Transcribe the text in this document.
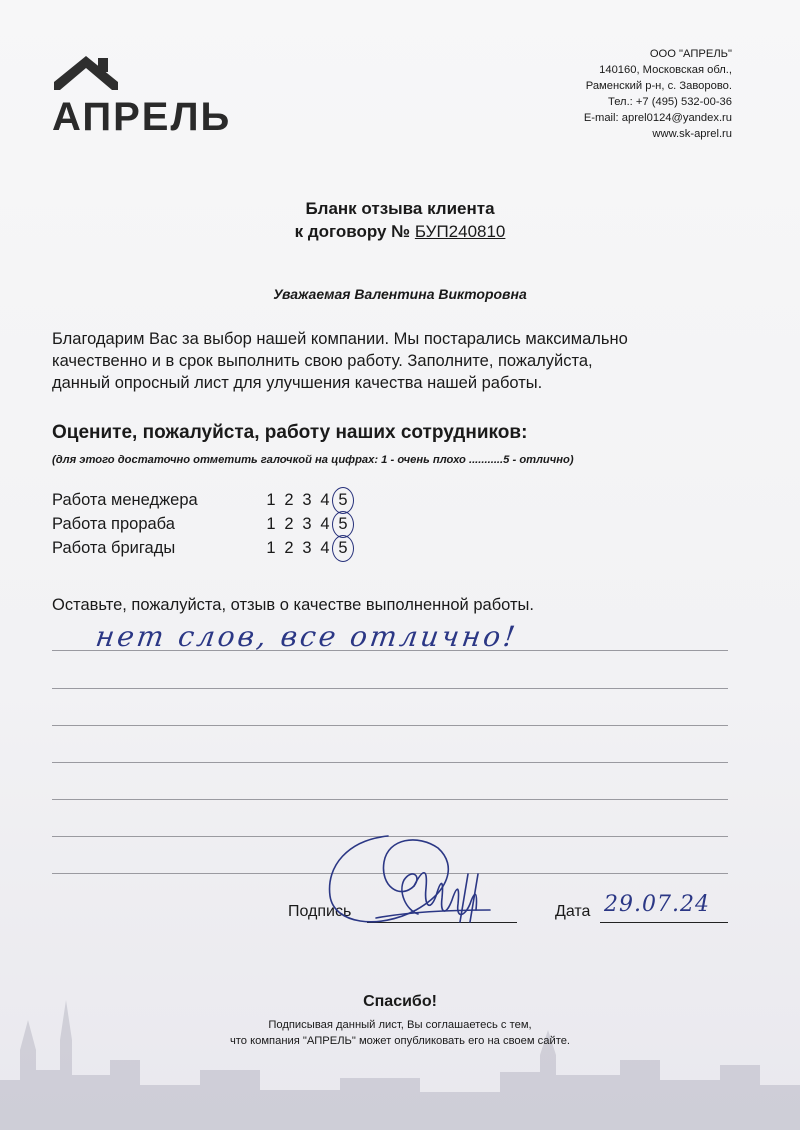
АПРЕЛЬ
ООО "АПРЕЛЬ"
140160, Московская обл.,
Раменский р-н, с. Заворово.
Тел.: +7 (495) 532-00-36
E-mail: aprel0124@yandex.ru
www.sk-aprel.ru
Бланк отзыва клиента
к договору № БУП240810
Уважаемая Валентина Викторовна
Благодарим Вас за выбор нашей компании. Мы постарались максимально
качественно и в срок выполнить свою работу. Заполните, пожалуйста,
данный опросный лист для улучшения качества нашей работы.
Оцените, пожалуйста, работу наших сотрудников:
(для этого достаточно отметить галочкой на цифрах: 1 - очень плохо ...........5 - отлично)
Работа менеджера	1 2 3 4 5
Работа прораба	1 2 3 4 5
Работа бригады	1 2 3 4 5
Оставьте, пожалуйста, отзыв о качестве выполненной работы.
нет слов, все отлично!
Подпись	Дата 29.07.24
Спасибо!
Подписывая данный лист, Вы соглашаетесь с тем,
что компания "АПРЕЛЬ" может опубликовать его на своем сайте.
